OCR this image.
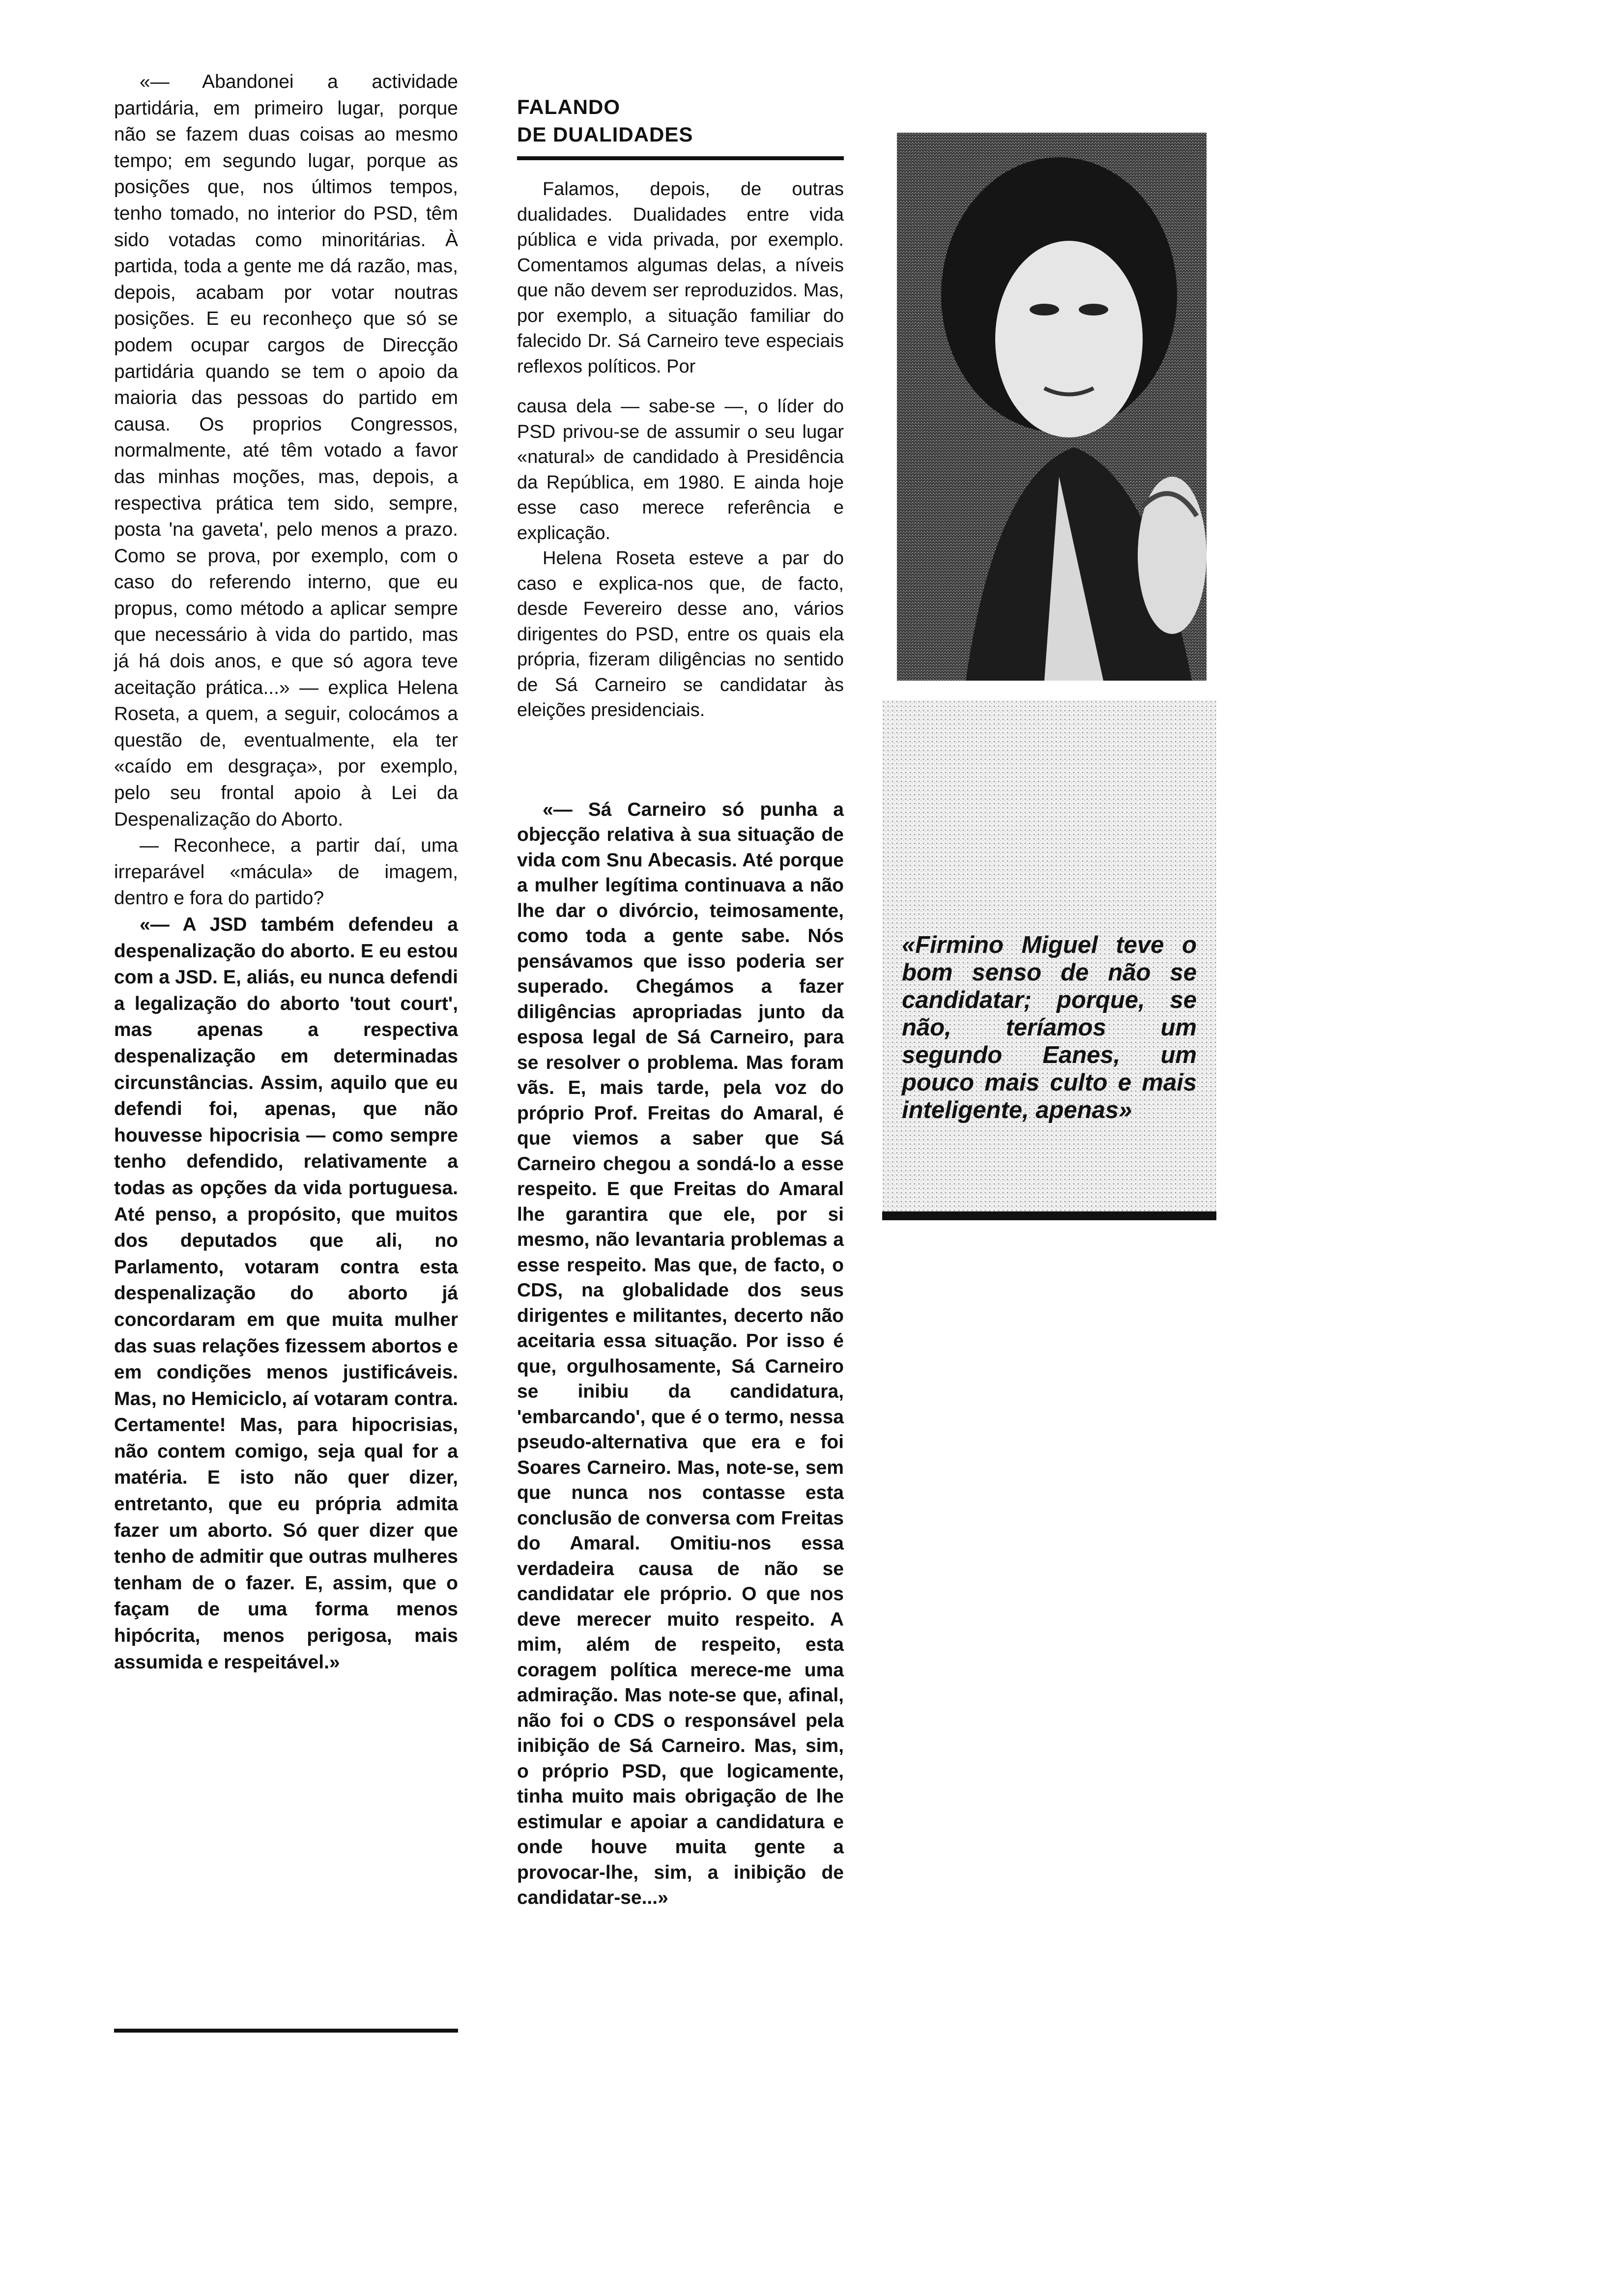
«— Abandonei a actividade partidária, em primeiro lugar, porque não se fazem duas coisas ao mesmo tempo; em segundo lugar, porque as posições que, nos últimos tempos, tenho tomado, no interior do PSD, têm sido votadas como minoritárias. À partida, toda a gente me dá razão, mas, depois, acabam por votar noutras posições. E eu reconheço que só se podem ocupar cargos de Direcção partidária quando se tem o apoio da maioria das pessoas do partido em causa. Os proprios Congressos, normalmente, até têm votado a favor das minhas moções, mas, depois, a respectiva prática tem sido, sempre, posta 'na gaveta', pelo menos a prazo. Como se prova, por exemplo, com o caso do referendo interno, que eu propus, como método a aplicar sempre que necessário à vida do partido, mas já há dois anos, e que só agora teve aceitação prática...» — explica Helena Roseta, a quem, a seguir, colocámos a questão de, eventualmente, ela ter «caído em desgraça», por exemplo, pelo seu frontal apoio à Lei da Despenalização do Aborto.

— Reconhece, a partir daí, uma irreparável «mácula» de imagem, dentro e fora do partido?

«— A JSD também defendeu a despenalização do aborto. E eu estou com a JSD. E, aliás, eu nunca defendi a legalização do aborto 'tout court', mas apenas a respectiva despenalização em determinadas circunstâncias. Assim, aquilo que eu defendi foi, apenas, que não houvesse hipocrisia — como sempre tenho defendido, relativamente a todas as opções da vida portuguesa. Até penso, a propósito, que muitos dos deputados que ali, no Parlamento, votaram contra esta despenalização do aborto já concordaram em que muita mulher das suas relações fizessem abortos e em condições menos justificáveis. Mas, no Hemiciclo, aí votaram contra. Certamente! Mas, para hipocrisias, não contem comigo, seja qual for a matéria. E isto não quer dizer, entretanto, que eu própria admita fazer um aborto. Só quer dizer que tenho de admitir que outras mulheres tenham de o fazer. E, assim, que o façam de uma forma menos hipócrita, menos perigosa, mais assumida e respeitável.»

FALANDO
DE DUALIDADES

Falamos, depois, de outras dualidades. Dualidades entre vida pública e vida privada, por exemplo. Comentamos algumas delas, a níveis que não devem ser reproduzidos. Mas, por exemplo, a situação familiar do falecido Dr. Sá Carneiro teve especiais reflexos políticos. Por

causa dela — sabe-se —, o líder do PSD privou-se de assumir o seu lugar «natural» de candidado à Presidência da República, em 1980. E ainda hoje esse caso merece referência e explicação.

Helena Roseta esteve a par do caso e explica-nos que, de facto, desde Fevereiro desse ano, vários dirigentes do PSD, entre os quais ela própria, fizeram diligências no sentido de Sá Carneiro se candidatar às eleições presidenciais.

«— Sá Carneiro só punha a objecção relativa à sua situação de vida com Snu Abecasis. Até porque a mulher legítima continuava a não lhe dar o divórcio, teimosamente, como toda a gente sabe. Nós pensávamos que isso poderia ser superado. Chegámos a fazer diligências apropriadas junto da esposa legal de Sá Carneiro, para se resolver o problema. Mas foram vãs. E, mais tarde, pela voz do próprio Prof. Freitas do Amaral, é que viemos a saber que Sá Carneiro chegou a sondá-lo a esse respeito. E que Freitas do Amaral lhe garantira que ele, por si mesmo, não levantaria problemas a esse respeito. Mas que, de facto, o CDS, na globalidade dos seus dirigentes e militantes, decerto não aceitaria essa situação. Por isso é que, orgulhosamente, Sá Carneiro se inibiu da candidatura, 'embarcando', que é o termo, nessa pseudo-alternativa que era e foi Soares Carneiro. Mas, note-se, sem que nunca nos contasse esta conclusão de conversa com Freitas do Amaral. Omitiu-nos essa verdadeira causa de não se candidatar ele próprio. O que nos deve merecer muito respeito. A mim, além de respeito, esta coragem política merece-me uma admiração. Mas note-se que, afinal, não foi o CDS o responsável pela inibição de Sá Carneiro. Mas, sim, o próprio PSD, que logicamente, tinha muito mais obrigação de lhe estimular e apoiar a candidatura e onde houve muita gente a provocar-lhe, sim, a inibição de candidatar-se...»

«Firmino Miguel teve o bom senso de não se candidatar; porque, se não, teríamos um segundo Eanes, um pouco mais culto e mais inteligente, apenas»
